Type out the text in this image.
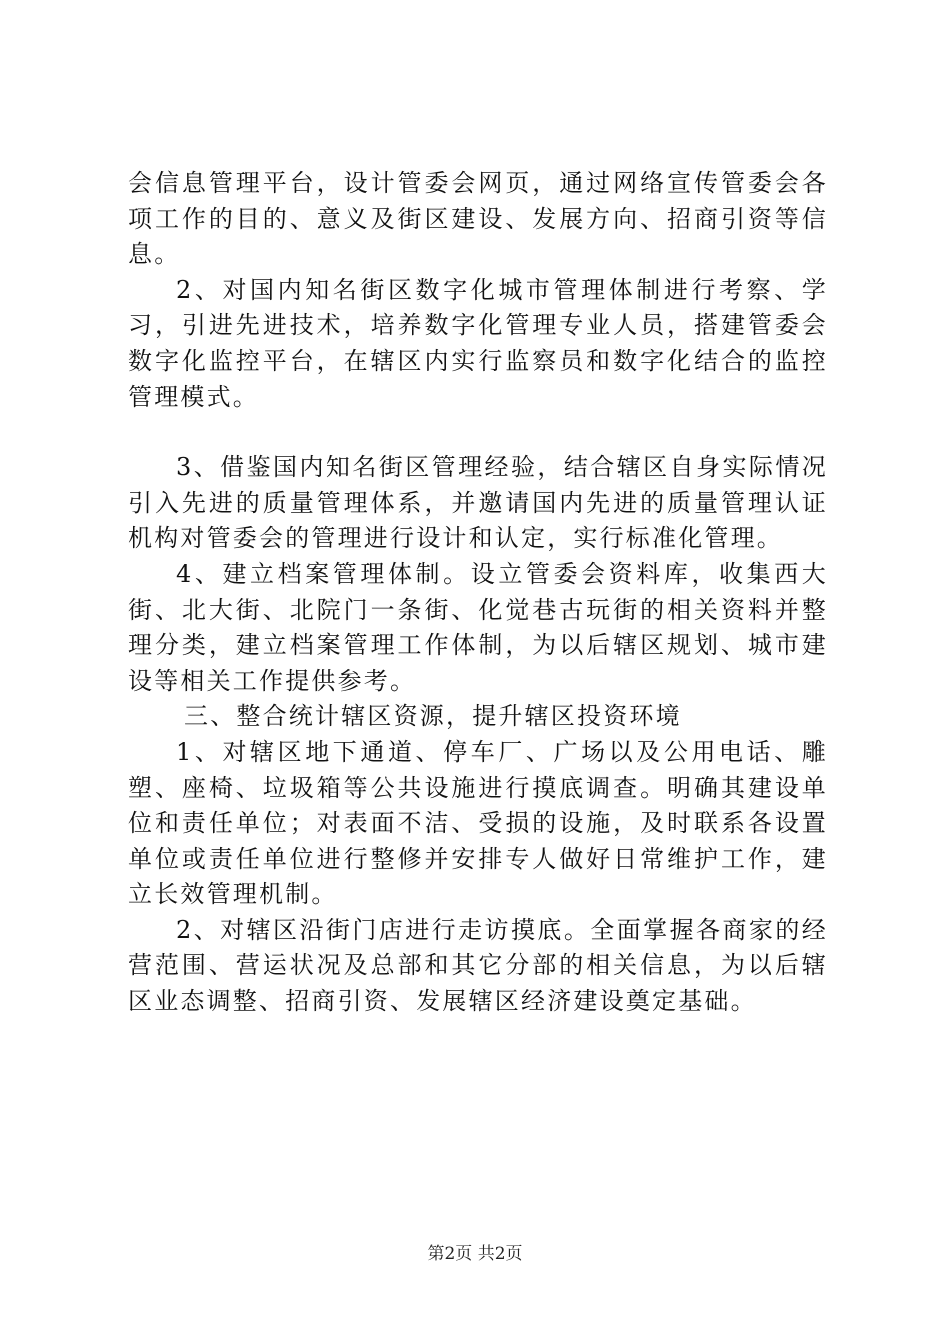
会信息管理平台，设计管委会网页，通过网络宣传管委会各项工作的目的、意义及街区建设、发展方向、招商引资等信息。

2、对国内知名街区数字化城市管理体制进行考察、学习，引进先进技术，培养数字化管理专业人员，搭建管委会数字化监控平台，在辖区内实行监察员和数字化结合的监控管理模式。

3、借鉴国内知名街区管理经验，结合辖区自身实际情况引入先进的质量管理体系，并邀请国内先进的质量管理认证机构对管委会的管理进行设计和认定，实行标准化管理。

4、建立档案管理体制。设立管委会资料库，收集西大街、北大街、北院门一条街、化觉巷古玩街的相关资料并整理分类，建立档案管理工作体制，为以后辖区规划、城市建设等相关工作提供参考。

三、整合统计辖区资源，提升辖区投资环境

1、对辖区地下通道、停车厂、广场以及公用电话、雕塑、座椅、垃圾箱等公共设施进行摸底调查。明确其建设单位和责任单位；对表面不洁、受损的设施，及时联系各设置单位或责任单位进行整修并安排专人做好日常维护工作，建立长效管理机制。

2、对辖区沿街门店进行走访摸底。全面掌握各商家的经营范围、营运状况及总部和其它分部的相关信息，为以后辖区业态调整、招商引资、发展辖区经济建设奠定基础。

第2页 共2页
